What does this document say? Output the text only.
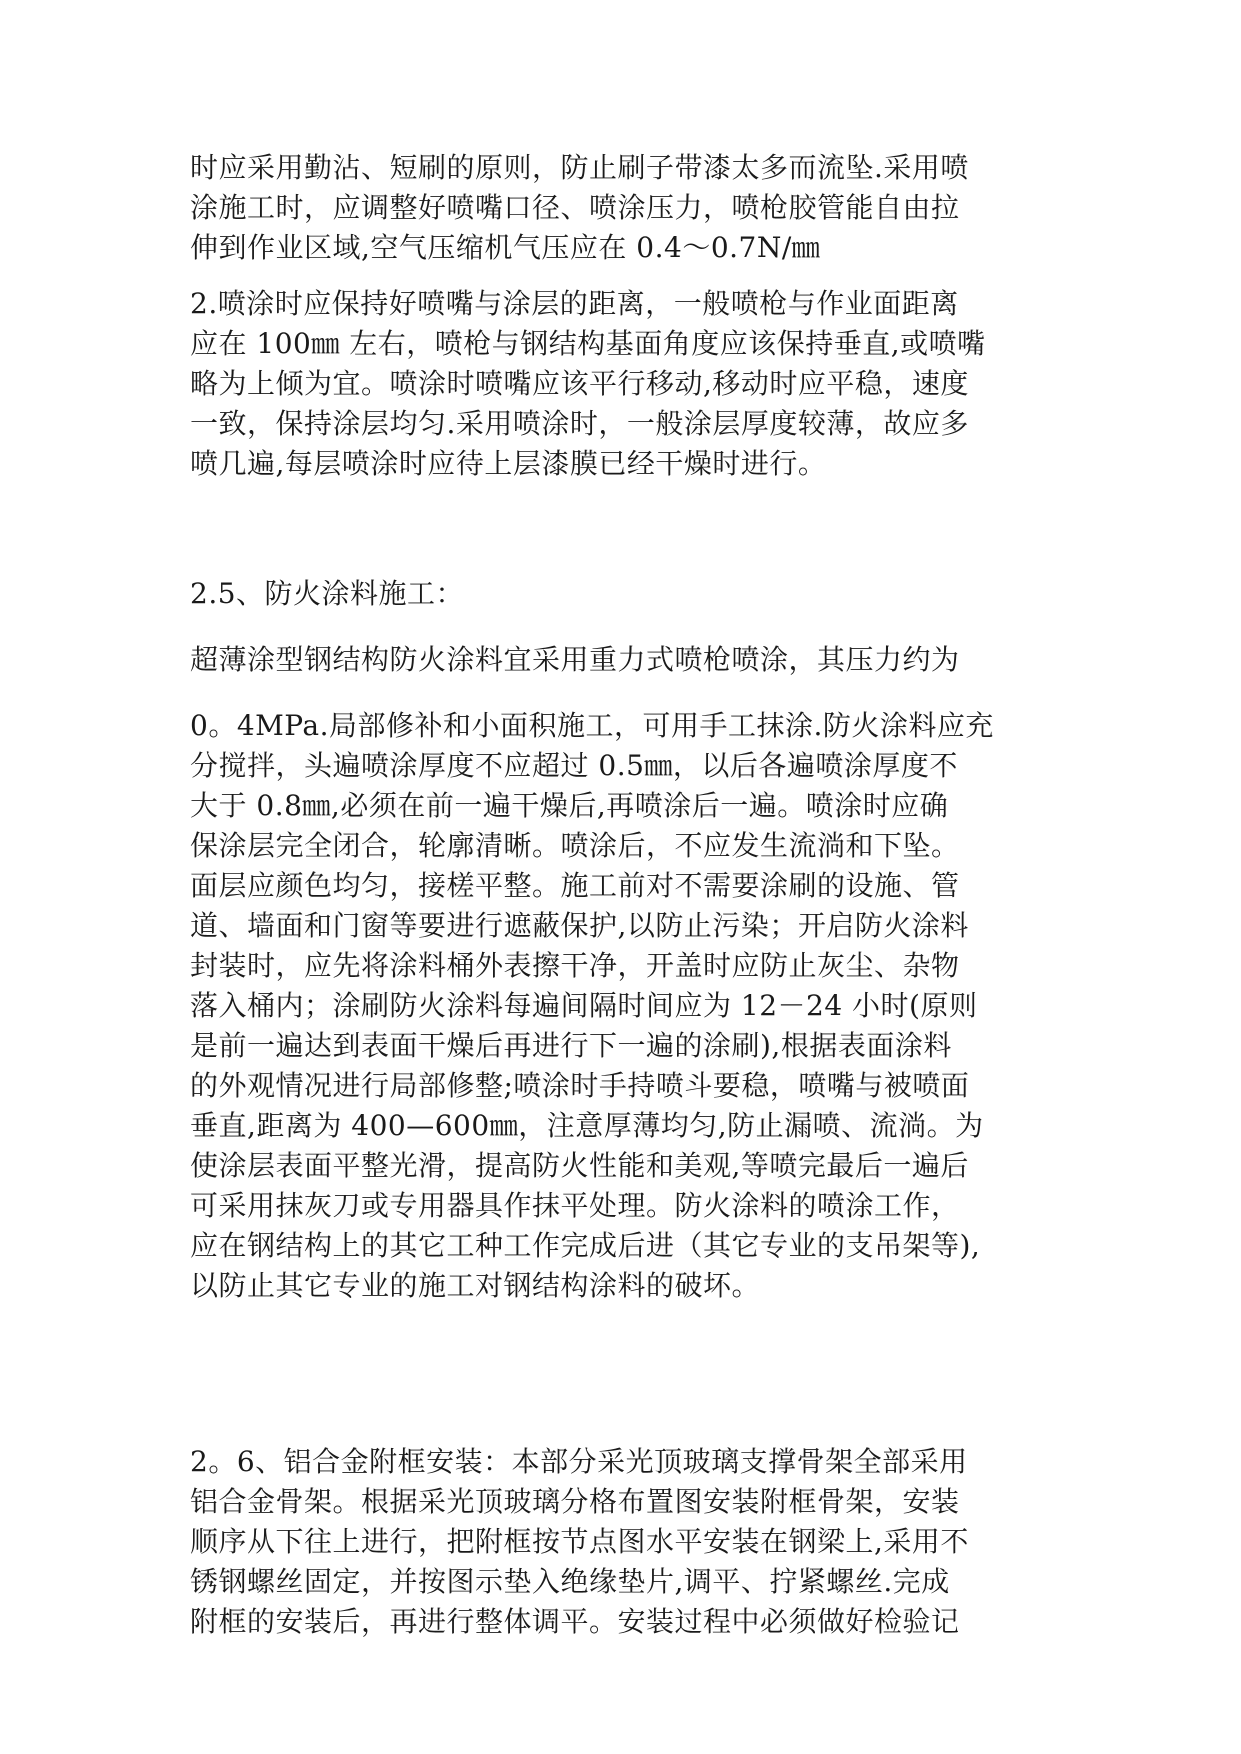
时应采用勤沾、短刷的原则，防止刷子带漆太多而流坠.采用喷
涂施工时，应调整好喷嘴口径、喷涂压力，喷枪胶管能自由拉
伸到作业区域,空气压缩机气压应在 0.4～0.7N/㎜
2.喷涂时应保持好喷嘴与涂层的距离，一般喷枪与作业面距离
应在 100㎜ 左右，喷枪与钢结构基面角度应该保持垂直,或喷嘴
略为上倾为宜。喷涂时喷嘴应该平行移动,移动时应平稳，速度
一致，保持涂层均匀.采用喷涂时，一般涂层厚度较薄，故应多
喷几遍,每层喷涂时应待上层漆膜已经干燥时进行。
2.5、防火涂料施工：
超薄涂型钢结构防火涂料宜采用重力式喷枪喷涂，其压力约为
0。4MPa.局部修补和小面积施工，可用手工抹涂.防火涂料应充
分搅拌，头遍喷涂厚度不应超过 0.5㎜，以后各遍喷涂厚度不
大于 0.8㎜,必须在前一遍干燥后,再喷涂后一遍。喷涂时应确
保涂层完全闭合，轮廓清晰。喷涂后，不应发生流淌和下坠。
面层应颜色均匀，接槎平整。施工前对不需要涂刷的设施、管
道、墙面和门窗等要进行遮蔽保护,以防止污染；开启防火涂料
封装时，应先将涂料桶外表擦干净，开盖时应防止灰尘、杂物
落入桶内；涂刷防火涂料每遍间隔时间应为 12－24 小时(原则
是前一遍达到表面干燥后再进行下一遍的涂刷),根据表面涂料
的外观情况进行局部修整;喷涂时手持喷斗要稳，喷嘴与被喷面
垂直,距离为 400—600㎜，注意厚薄均匀,防止漏喷、流淌。为
使涂层表面平整光滑，提高防火性能和美观,等喷完最后一遍后
可采用抹灰刀或专用器具作抹平处理。防火涂料的喷涂工作，
应在钢结构上的其它工种工作完成后进（其它专业的支吊架等),
以防止其它专业的施工对钢结构涂料的破坏。
2。6、铝合金附框安装：本部分采光顶玻璃支撑骨架全部采用
铝合金骨架。根据采光顶玻璃分格布置图安装附框骨架，安装
顺序从下往上进行，把附框按节点图水平安装在钢梁上,采用不
锈钢螺丝固定，并按图示垫入绝缘垫片,调平、拧紧螺丝.完成
附框的安装后，再进行整体调平。安装过程中必须做好检验记
